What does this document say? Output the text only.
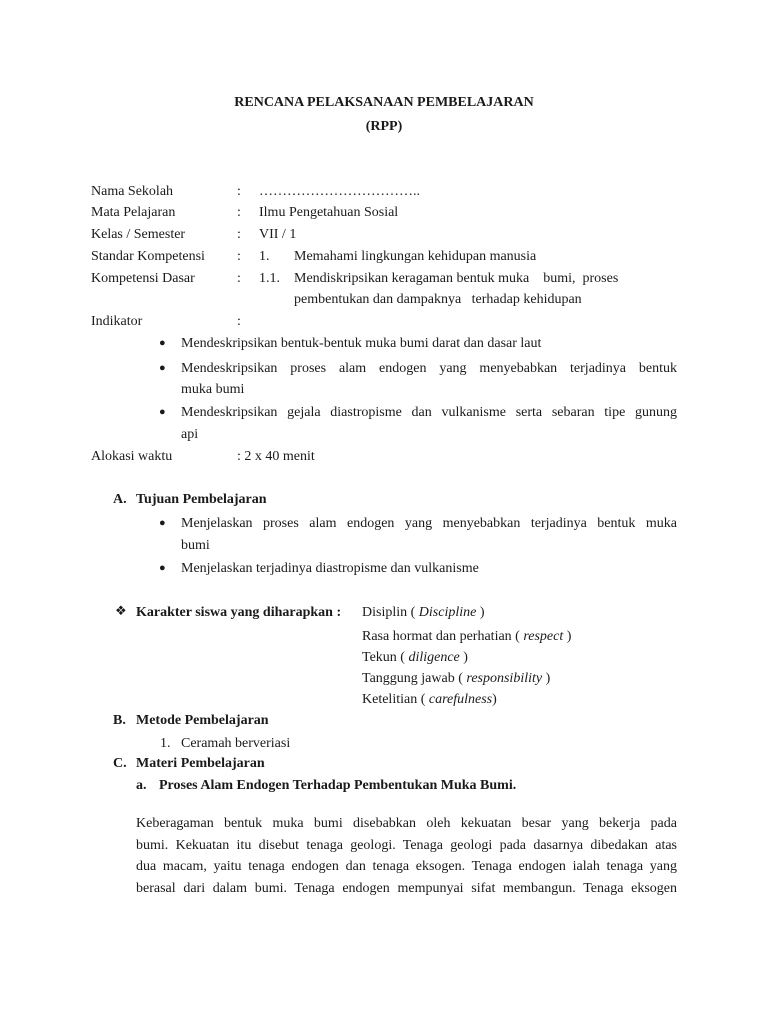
RENCANA PELAKSANAAN PEMBELAJARAN
(RPP)
Nama Sekolah	: ……………………………..
Mata Pelajaran	: Ilmu Pengetahuan Sosial
Kelas / Semester	: VII / 1
Standar Kompetensi : 1. Memahami lingkungan kehidupan manusia
Kompetensi Dasar	: 1.1. Mendiskripsikan keragaman bentuk muka    bumi,  proses
pembentukan dan dampaknya   terhadap kehidupan
Indikator	:
● Mendeskripsikan bentuk-bentuk muka bumi darat dan dasar laut
● Mendeskripsikan proses alam endogen yang menyebabkan terjadinya bentuk
muka bumi
● Mendeskripsikan gejala diastropisme dan vulkanisme serta sebaran tipe gunung
api
Alokasi waktu	: 2 x 40 menit
A. Tujuan Pembelajaran
● Menjelaskan proses alam endogen yang menyebabkan terjadinya bentuk muka
bumi
● Menjelaskan terjadinya diastropisme dan vulkanisme
❖ Karakter siswa yang diharapkan : Disiplin ( Discipline )
Rasa hormat dan perhatian ( respect )
Tekun ( diligence )
Tanggung jawab ( responsibility )
Ketelitian ( carefulness)
B. Metode Pembelajaran
1. Ceramah berveriasi
C. Materi Pembelajaran
a. Proses Alam Endogen Terhadap Pembentukan Muka Bumi.
Keberagaman bentuk muka bumi disebabkan oleh kekuatan besar yang bekerja pada
bumi. Kekuatan itu disebut tenaga geologi. Tenaga geologi pada dasarnya dibedakan atas
dua macam, yaitu tenaga endogen dan tenaga eksogen. Tenaga endogen ialah tenaga yang
berasal dari dalam bumi. Tenaga endogen mempunyai sifat membangun. Tenaga eksogen
